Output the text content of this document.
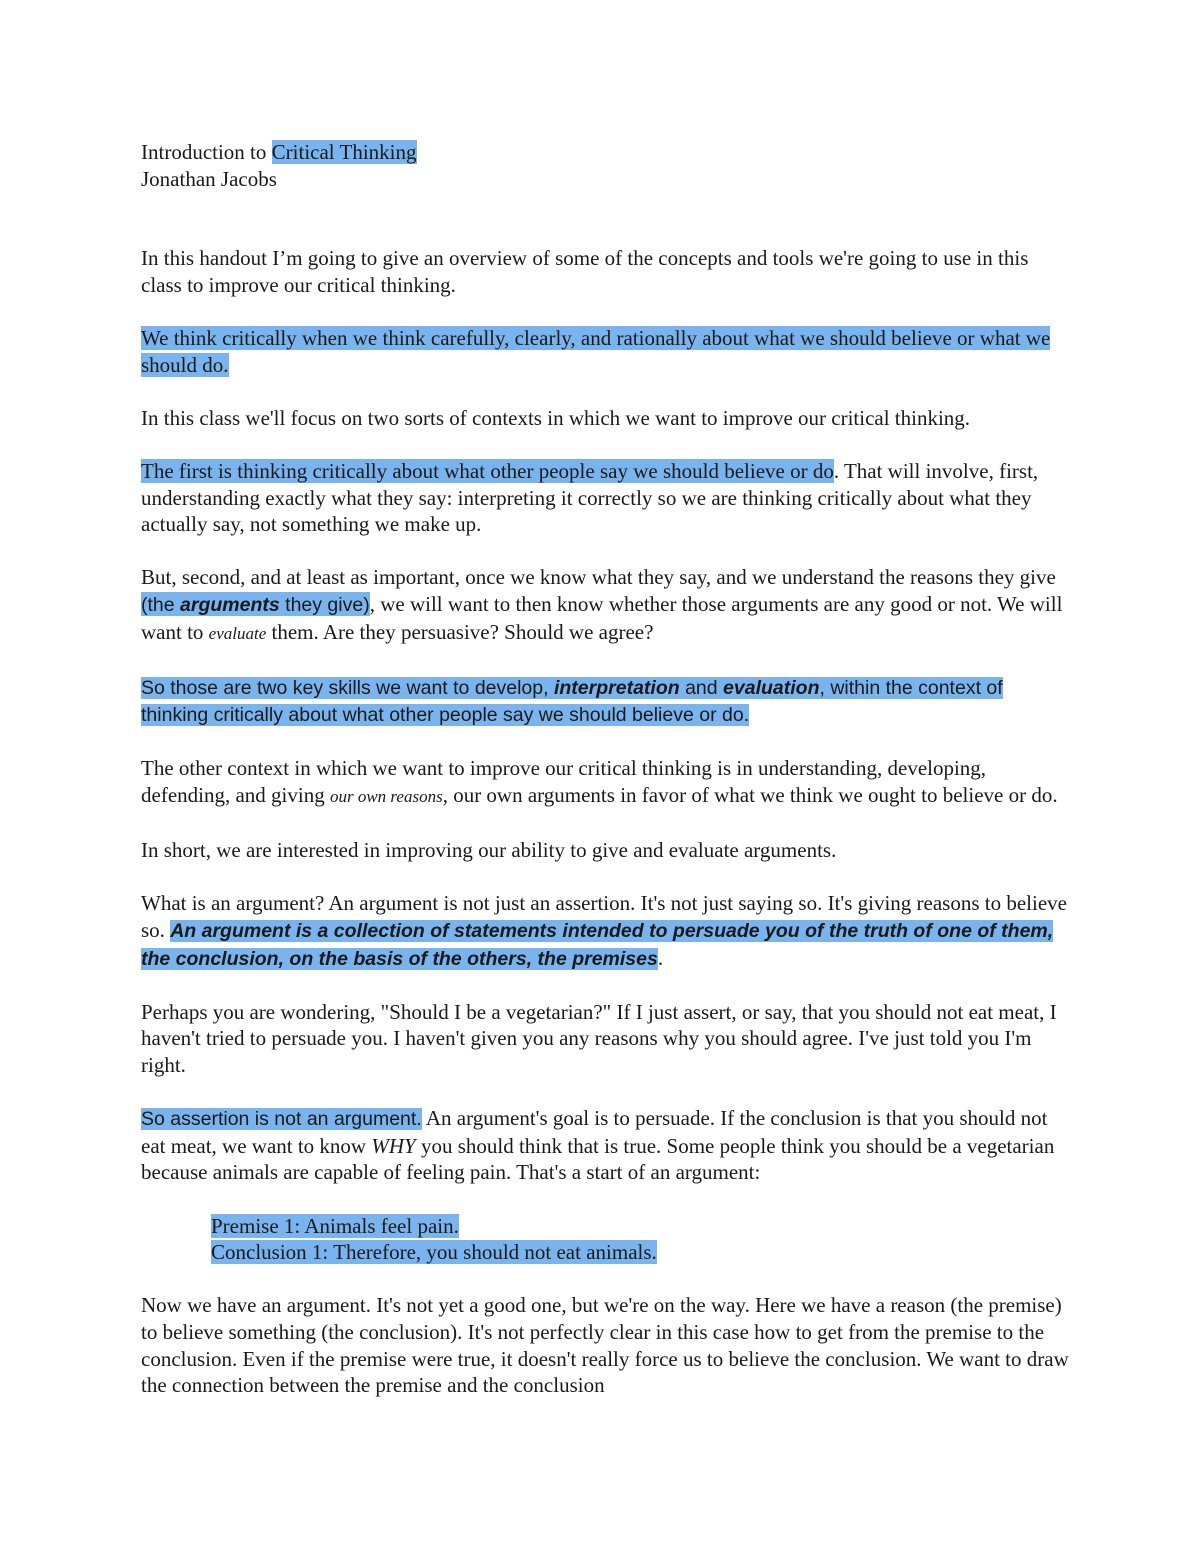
Introduction to Critical Thinking
Jonathan Jacobs

In this handout I’m going to give an overview of some of the concepts and tools we're going to use in this class to improve our critical thinking.

We think critically when we think carefully, clearly, and rationally about what we should believe or what we should do.

In this class we'll focus on two sorts of contexts in which we want to improve our critical thinking.

The first is thinking critically about what other people say we should believe or do. That will involve, first, understanding exactly what they say: interpreting it correctly so we are thinking critically about what they actually say, not something we make up.

But, second, and at least as important, once we know what they say, and we understand the reasons they give (the arguments they give), we will want to then know whether those arguments are any good or not. We will want to evaluate them. Are they persuasive? Should we agree?

So those are two key skills we want to develop, interpretation and evaluation, within the context of thinking critically about what other people say we should believe or do.

The other context in which we want to improve our critical thinking is in understanding, developing, defending, and giving our own reasons, our own arguments in favor of what we think we ought to believe or do.

In short, we are interested in improving our ability to give and evaluate arguments.

What is an argument? An argument is not just an assertion. It's not just saying so. It's giving reasons to believe so. An argument is a collection of statements intended to persuade you of the truth of one of them, the conclusion, on the basis of the others, the premises.

Perhaps you are wondering, "Should I be a vegetarian?" If I just assert, or say, that you should not eat meat, I haven't tried to persuade you. I haven't given you any reasons why you should agree. I've just told you I'm right.

So assertion is not an argument. An argument's goal is to persuade. If the conclusion is that you should not eat meat, we want to know WHY you should think that is true. Some people think you should be a vegetarian because animals are capable of feeling pain. That's a start of an argument:

Premise 1: Animals feel pain.
Conclusion 1: Therefore, you should not eat animals.

Now we have an argument. It's not yet a good one, but we're on the way. Here we have a reason (the premise) to believe something (the conclusion). It's not perfectly clear in this case how to get from the premise to the conclusion. Even if the premise were true, it doesn't really force us to believe the conclusion. We want to draw the connection between the premise and the conclusion
